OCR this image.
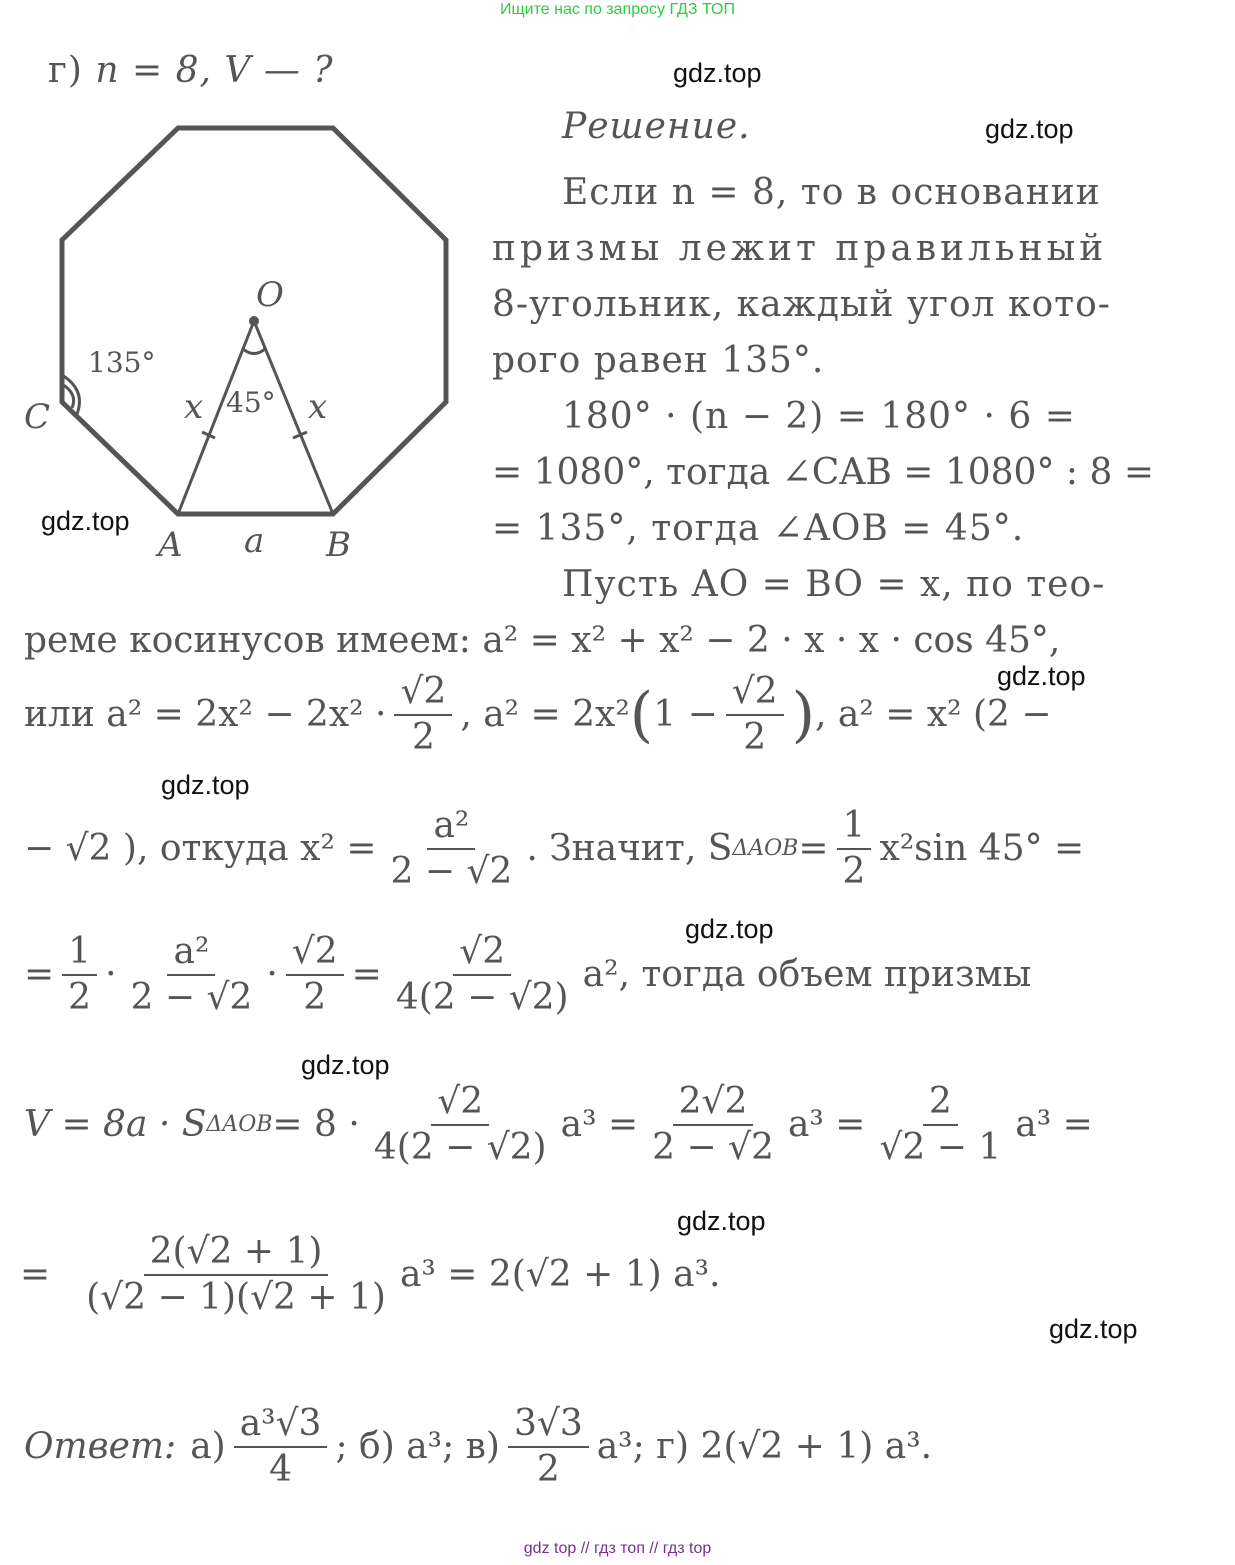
Ищите нас по запросу ГДЗ ТОП
gdz.top
gdz.top
gdz.top
gdz.top
gdz.top
gdz.top
gdz.top
gdz.top
gdz.top
г) n = 8, V — ?
O
C
A	B
a
x	x
45°
135°
Решение.
Если n = 8, то в основании
призмы лежит правильный
8-угольник, каждый угол кото-
рого равен 135°.
180° · (n − 2) = 180° · 6 =
= 1080°, тогда ∠CAB = 1080° : 8 =
= 135°, тогда ∠AOB = 45°.
Пусть AO = BO = x, по тео-
реме косинусов имеем: a² = x² + x² − 2 · x · x · cos 45°,
или $a^2 = 2x^2 - 2x^2 \cdot \frac{√2}{2}$ , a² = 2x² ( $1 - \frac{√2}{2}$ ) , a² = x² (2 −
− √2 ), откуда $x^2 = \frac{\text{a²}}{2 - √2}$ . Значит, S $\Delta AOB = \frac{1}{2} x^2\sin$ 45° =
= $\frac{1}{2} \cdot \frac{\text{a²}}{2 - √2} \cdot \frac{√2}{2} = \frac{√2}{4(2 - √2)} a^2$, тогда объем призмы
V = 8a · S $\Delta AOB = 8 \cdot \frac{√2}{4(2 - √2)} a^3 = \frac{2√2}{2 - √2} a^3 = \frac{2}{√2 - 1} a^3$ =
= $\frac{2(√2 + 1)}{(√2 - 1)(√2 + 1)} a^3 = 2(√2 + 1)$ a³.
Ответ: $а) \frac{\text{a³√3}}{4}$ ; б) a³; $в) \frac{3√3}{2} a^3$; г) 2(√2 + 1) a³.
gdz top // гдз топ // гдз top
